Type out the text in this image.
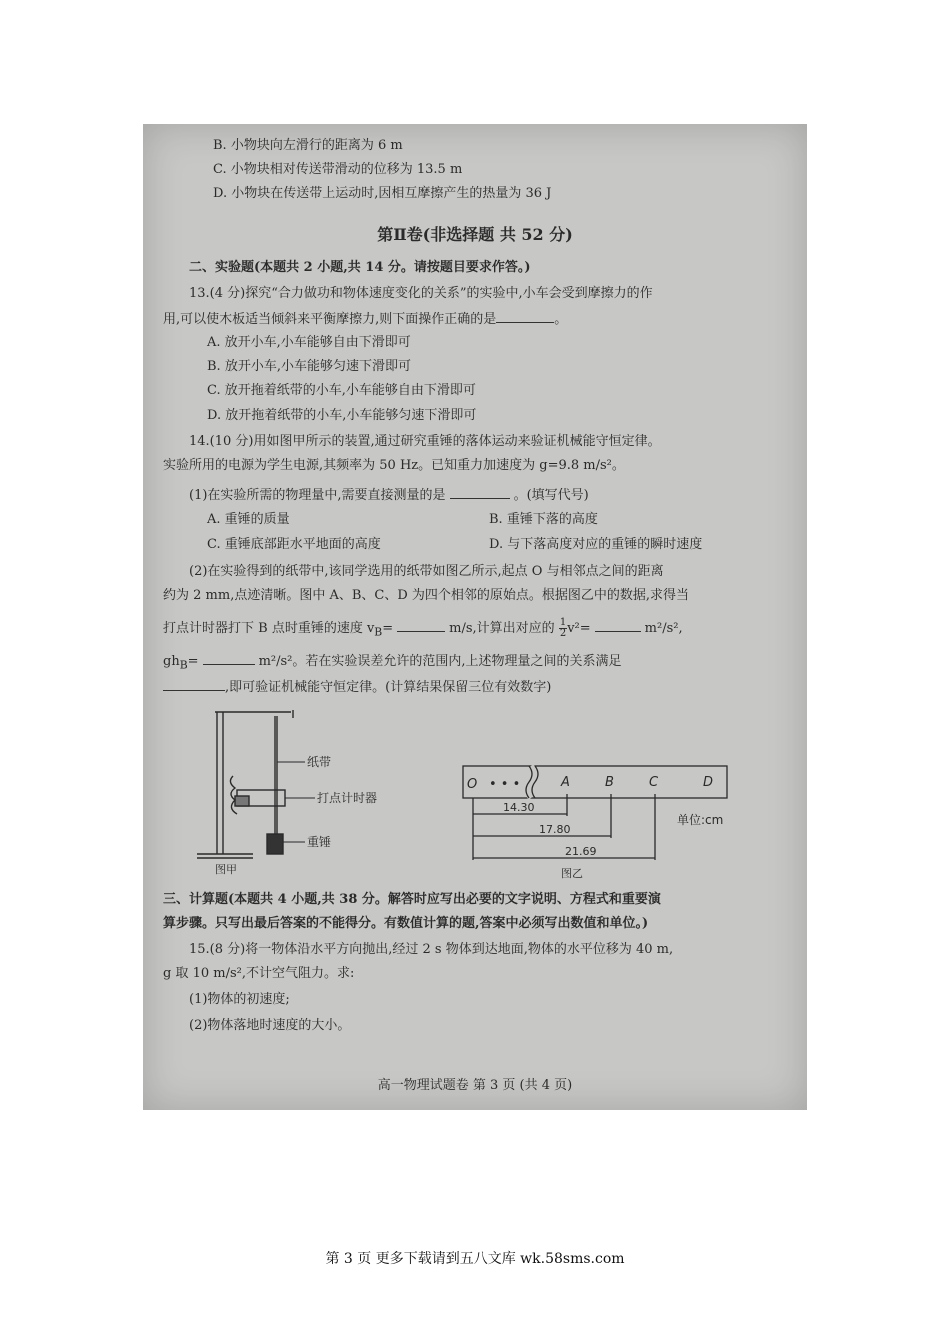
B. 小物块向左滑行的距离为 6 m
C. 小物块相对传送带滑动的位移为 13.5 m
D. 小物块在传送带上运动时,因相互摩擦产生的热量为 36 J
第Ⅱ卷(非选择题 共 52 分)
二、实验题(本题共 2 小题,共 14 分。请按题目要求作答。)
13.(4 分)探究“合力做功和物体速度变化的关系”的实验中,小车会受到摩擦力的作
用,可以使木板适当倾斜来平衡摩擦力,则下面操作正确的是	。
A. 放开小车,小车能够自由下滑即可
B. 放开小车,小车能够匀速下滑即可
C. 放开拖着纸带的小车,小车能够自由下滑即可
D. 放开拖着纸带的小车,小车能够匀速下滑即可
14.(10 分)用如图甲所示的装置,通过研究重锤的落体运动来验证机械能守恒定律。
实验所用的电源为学生电源,其频率为 50 Hz。已知重力加速度为 g=9.8 m/s²。
(1)在实验所需的物理量中,需要直接测量的是	。(填写代号)
A. 重锤的质量	B. 重锤下落的高度
C. 重锤底部距水平地面的高度	D. 与下落高度对应的重锤的瞬时速度
(2)在实验得到的纸带中,该同学选用的纸带如图乙所示,起点 O 与相邻点之间的距离
约为 2 mm,点迹清晰。图中 A、B、C、D 为四个相邻的原始点。根据图乙中的数据,求得当
打点计时器打下 B 点时重锤的速度 $v_B=$	m/s,计算出对应的 $\frac{1}{2} v^2=$	m²/s²,
$gh_B=$	m²/s²。若在实验误差允许的范围内,上述物理量之间的关系满足
,即可验证机械能守恒定律。(计算结果保留三位有效数字)
纸带
打点计时器
重锤
图甲
O • • •	A	B	C	D
14.30
17.80
21.69
单位:cm
图乙
三、计算题(本题共 4 小题,共 38 分。解答时应写出必要的文字说明、方程式和重要演
算步骤。只写出最后答案的不能得分。有数值计算的题,答案中必须写出数值和单位。)
15.(8 分)将一物体沿水平方向抛出,经过 2 s 物体到达地面,物体的水平位移为 40 m,
g 取 10 m/s²,不计空气阻力。求:
(1)物体的初速度;
(2)物体落地时速度的大小。
高一物理试题卷 第 3 页 (共 4 页)
第 3 页 更多下载请到五八文库 wk.58sms.com
